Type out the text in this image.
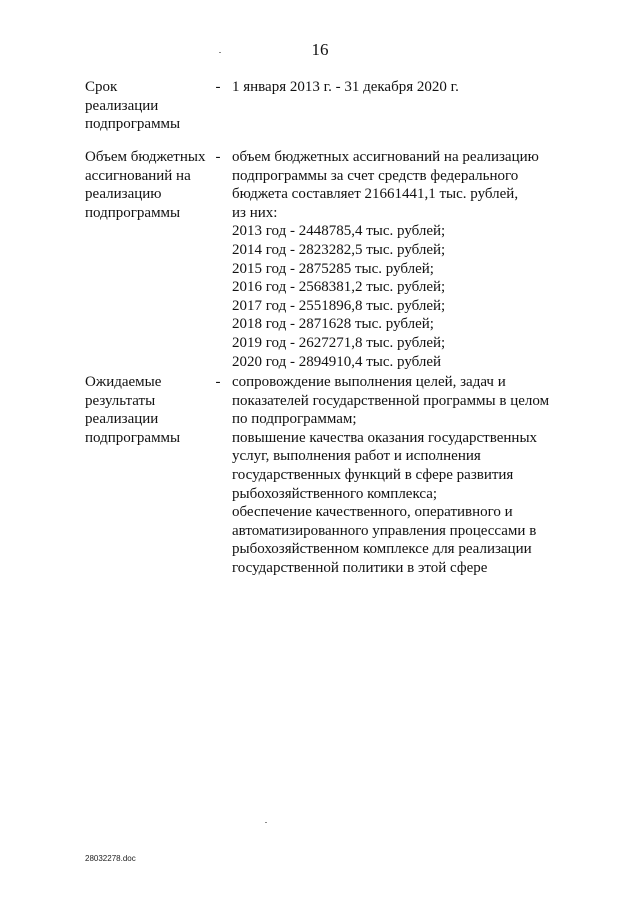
16
Срок
реализации
подпрограммы
- 1 января 2013 г. - 31 декабря 2020 г.
Объем бюджетных
ассигнований на
реализацию
подпрограммы
- объем бюджетных ассигнований на реализацию
подпрограммы за счет средств федерального
бюджета составляет 21661441,1 тыс. рублей,
из них:
2013 год - 2448785,4 тыс. рублей;
2014 год - 2823282,5 тыс. рублей;
2015 год - 2875285 тыс. рублей;
2016 год - 2568381,2 тыс. рублей;
2017 год - 2551896,8 тыс. рублей;
2018 год - 2871628 тыс. рублей;
2019 год - 2627271,8 тыс. рублей;
2020 год - 2894910,4 тыс. рублей
Ожидаемые
результаты
реализации
подпрограммы
- сопровождение выполнения целей, задач и
показателей государственной программы в целом
по подпрограммам;
повышение качества оказания государственных
услуг, выполнения работ и исполнения
государственных функций в сфере развития
рыбохозяйственного комплекса;
обеспечение качественного, оперативного и
автоматизированного управления процессами в
рыбохозяйственном комплексе для реализации
государственной политики в этой сфере
28032278.doc
